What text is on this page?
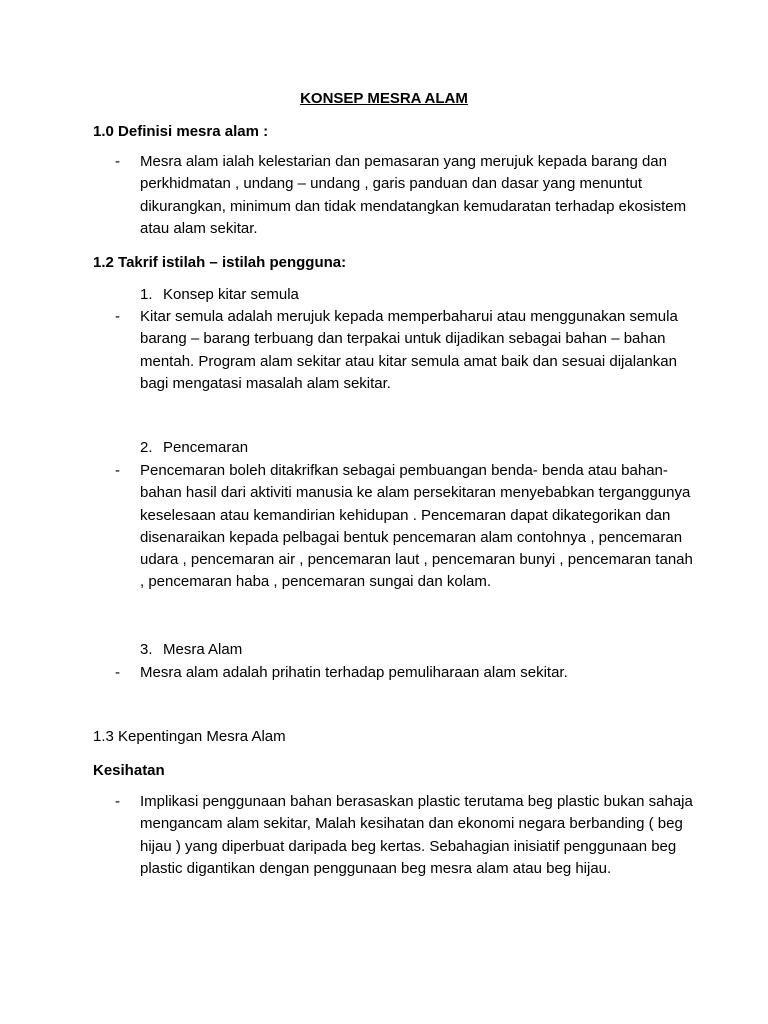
KONSEP MESRA ALAM
1.0 Definisi mesra alam :
- Mesra alam ialah kelestarian dan pemasaran yang merujuk kepada barang dan perkhidmatan , undang – undang , garis panduan dan dasar yang menuntut dikurangkan, minimum dan tidak mendatangkan kemudaratan terhadap ekosistem atau alam sekitar.
1.2 Takrif istilah – istilah pengguna:
1. Konsep kitar semula
- Kitar semula adalah merujuk kepada memperbaharui atau menggunakan semula barang – barang terbuang dan terpakai untuk dijadikan sebagai bahan – bahan mentah. Program alam sekitar atau kitar semula amat baik dan sesuai dijalankan bagi mengatasi masalah alam sekitar.
2. Pencemaran
- Pencemaran boleh ditakrifkan sebagai pembuangan benda- benda atau bahan-bahan hasil dari aktiviti manusia ke alam persekitaran menyebabkan terganggunya keselesaan atau kemandirian kehidupan . Pencemaran dapat dikategorikan dan disenaraikan kepada pelbagai bentuk pencemaran alam contohnya , pencemaran udara , pencemaran air , pencemaran laut , pencemaran bunyi , pencemaran tanah , pencemaran haba , pencemaran sungai dan kolam.
3. Mesra Alam
- Mesra alam adalah prihatin terhadap pemuliharaan alam sekitar.
1.3 Kepentingan Mesra Alam
Kesihatan
- Implikasi penggunaan bahan berasaskan plastic terutama beg plastic bukan sahaja mengancam alam sekitar, Malah kesihatan dan ekonomi negara berbanding ( beg hijau ) yang diperbuat daripada beg kertas. Sebahagian inisiatif penggunaan beg plastic digantikan dengan penggunaan beg mesra alam atau beg hijau.
